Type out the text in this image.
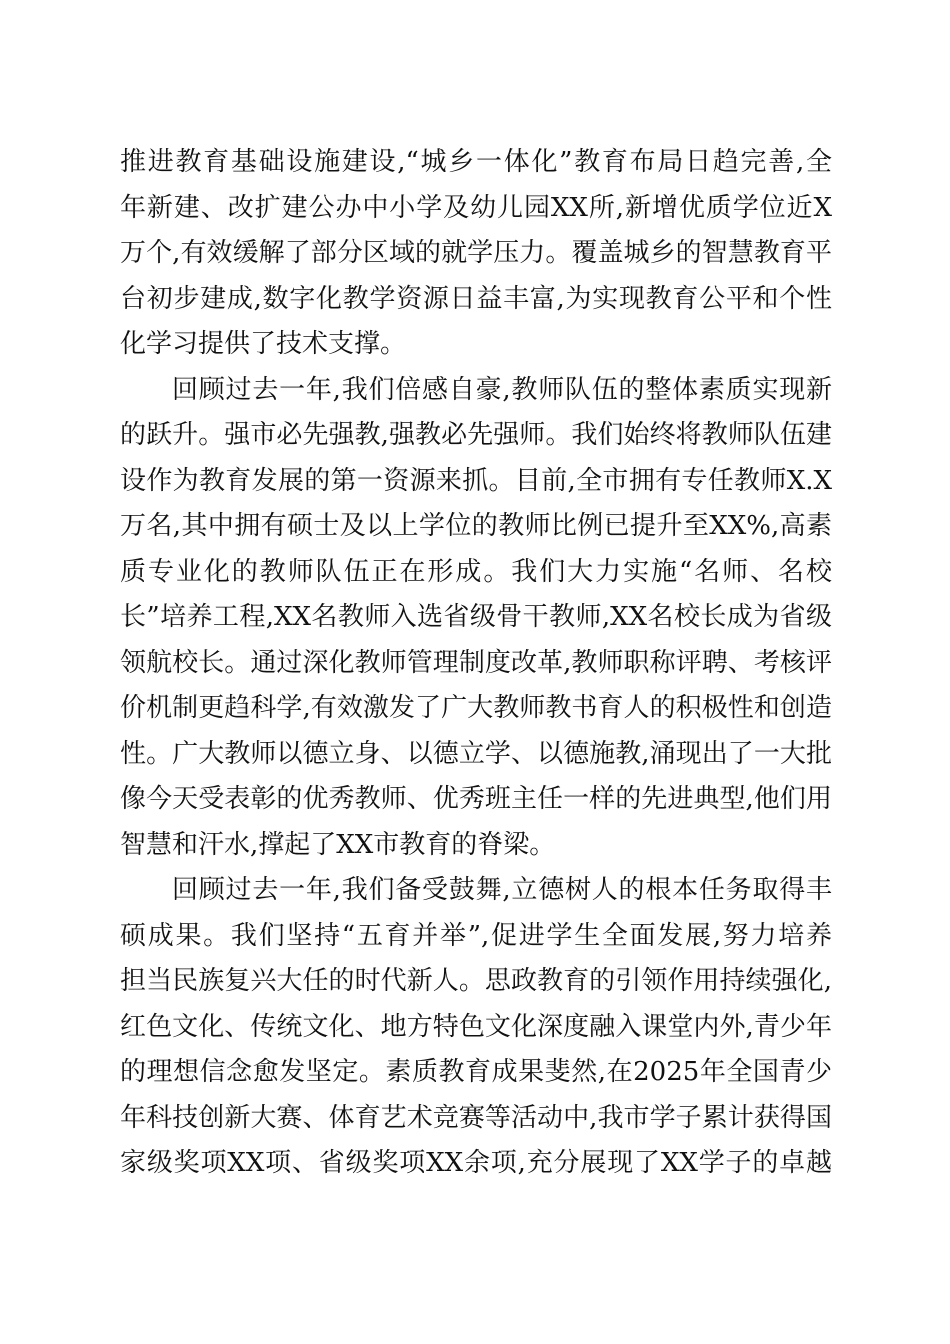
推进教育基础设施建设,“城乡一体化”教育布局日趋完善,全
年新建、改扩建公办中小学及幼儿园XX所,新增优质学位近X
万个,有效缓解了部分区域的就学压力。覆盖城乡的智慧教育平
台初步建成,数字化教学资源日益丰富,为实现教育公平和个性
化学习提供了技术支撑。
回顾过去一年,我们倍感自豪,教师队伍的整体素质实现新
的跃升。强市必先强教,强教必先强师。我们始终将教师队伍建
设作为教育发展的第一资源来抓。目前,全市拥有专任教师X.X
万名,其中拥有硕士及以上学位的教师比例已提升至XX%,高素
质专业化的教师队伍正在形成。我们大力实施“名师、名校
长”培养工程,XX名教师入选省级骨干教师,XX名校长成为省级
领航校长。通过深化教师管理制度改革,教师职称评聘、考核评
价机制更趋科学,有效激发了广大教师教书育人的积极性和创造
性。广大教师以德立身、以德立学、以德施教,涌现出了一大批
像今天受表彰的优秀教师、优秀班主任一样的先进典型,他们用
智慧和汗水,撑起了XX市教育的脊梁。
回顾过去一年,我们备受鼓舞,立德树人的根本任务取得丰
硕成果。我们坚持“五育并举”,促进学生全面发展,努力培养
担当民族复兴大任的时代新人。思政教育的引领作用持续强化,
红色文化、传统文化、地方特色文化深度融入课堂内外,青少年
的理想信念愈发坚定。素质教育成果斐然,在2025年全国青少
年科技创新大赛、体育艺术竞赛等活动中,我市学子累计获得国
家级奖项XX项、省级奖项XX余项,充分展现了XX学子的卓越
